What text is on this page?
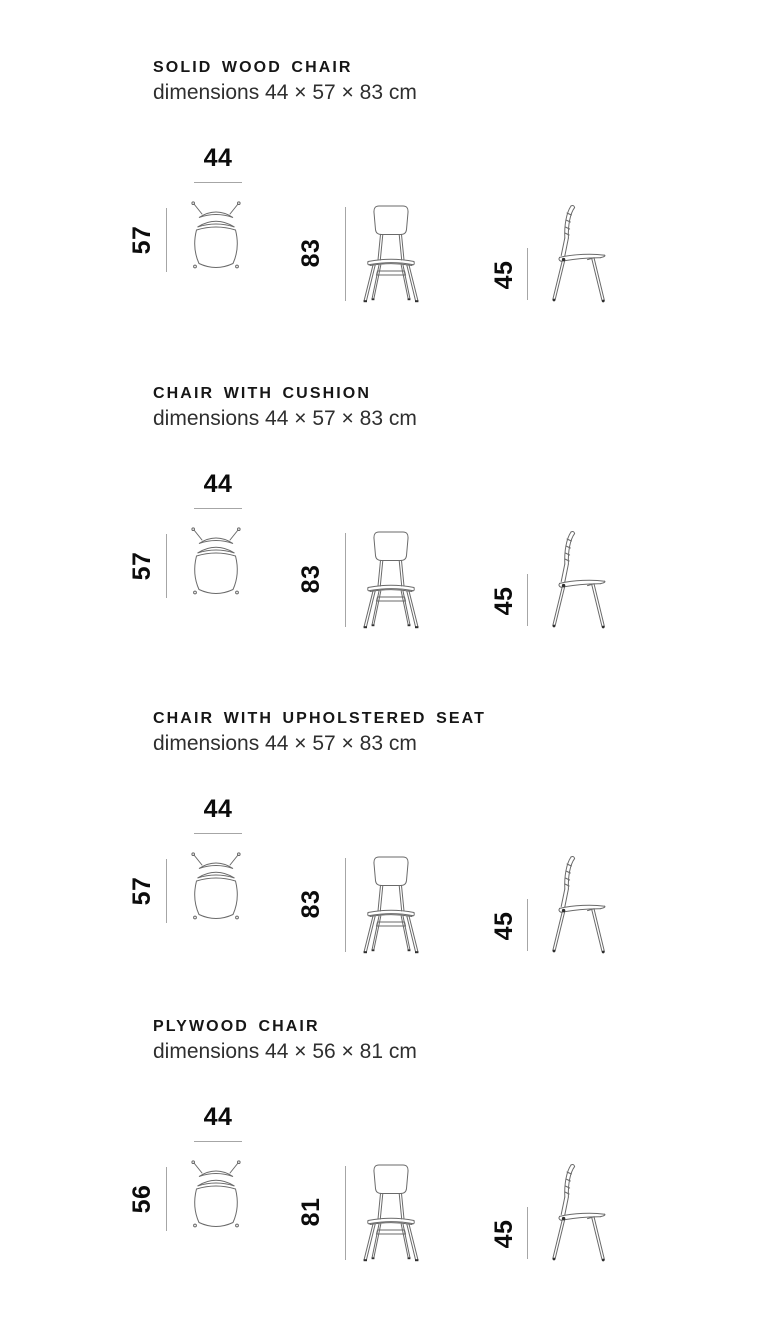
SOLID WOOD CHAIR

dimensions 44 × 57 × 83 cm

44
57	83
45
CHAIR WITH CUSHION

dimensions 44 × 57 × 83 cm

44
57	83
45
CHAIR WITH UPHOLSTERED SEAT

dimensions 44 × 57 × 83 cm

44
57	83
45
PLYWOOD CHAIR

dimensions 44 × 56 × 81 cm

44
56	81
45
